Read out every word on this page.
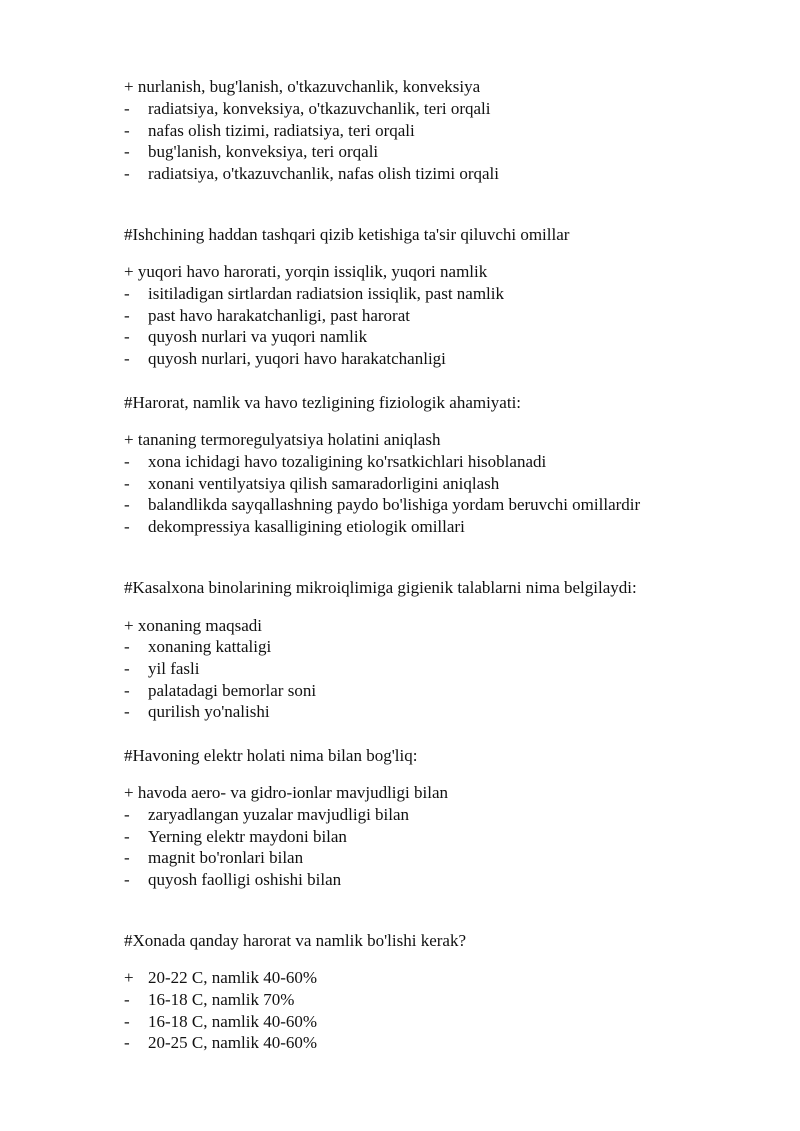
+ nurlanish, bug'lanish, o'tkazuvchanlik, konveksiya
- radiatsiya, konveksiya, o'tkazuvchanlik, teri orqali
- nafas olish tizimi, radiatsiya, teri orqali
- bug'lanish, konveksiya, teri orqali
- radiatsiya, o'tkazuvchanlik, nafas olish tizimi orqali
#Ishchining haddan tashqari qizib ketishiga ta'sir qiluvchi omillar
+ yuqori havo harorati, yorqin issiqlik, yuqori namlik
- isitiladigan sirtlardan radiatsion issiqlik, past namlik
- past havo harakatchanligi, past harorat
- quyosh nurlari va yuqori namlik
- quyosh nurlari, yuqori havo harakatchanligi
#Harorat, namlik va havo tezligining fiziologik ahamiyati:
+ tananing termoregulyatsiya holatini aniqlash
- xona ichidagi havo tozaligining ko'rsatkichlari hisoblanadi
- xonani ventilyatsiya qilish samaradorligini aniqlash
- balandlikda sayqallashning paydo bo'lishiga yordam beruvchi omillardir
- dekompressiya kasalligining etiologik omillari
#Kasalxona binolarining mikroiqlimiga gigienik talablarni nima belgilaydi:
+ xonaning maqsadi
- xonaning kattaligi
- yil fasli
- palatadagi bemorlar soni
- qurilish yo'nalishi
#Havoning elektr holati nima bilan bog'liq:
+ havoda aero- va gidro-ionlar mavjudligi bilan
- zaryadlangan yuzalar mavjudligi bilan
- Yerning elektr maydoni bilan
- magnit bo'ronlari bilan
- quyosh faolligi oshishi bilan
#Xonada qanday harorat va namlik bo'lishi kerak?
+ 20-22 C, namlik 40-60%
- 16-18 C, namlik 70%
- 16-18 C, namlik 40-60%
- 20-25 C, namlik 40-60%
